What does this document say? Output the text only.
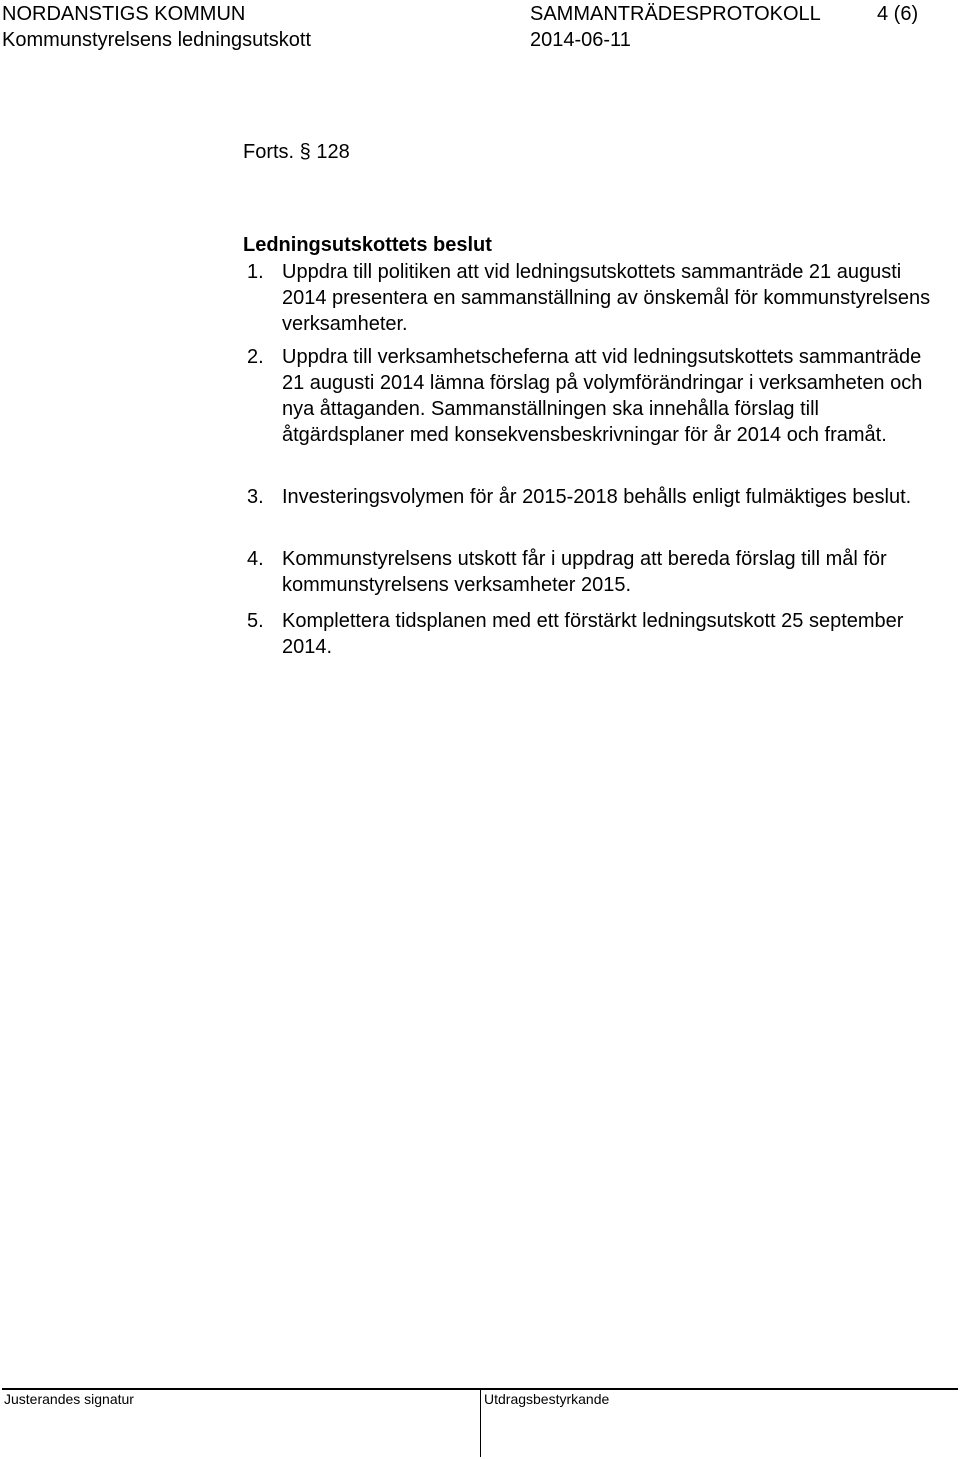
NORDANSTIGS KOMMUN	SAMMANTRÄDESPROTOKOLL	4 (6)
Kommunstyrelsens ledningsutskott	2014-06-11
Forts. § 128
Ledningsutskottets beslut
1. Uppdra till politiken att vid ledningsutskottets sammanträde 21 augusti 2014 presentera en sammanställning av önskemål för kommunstyrelsens verksamheter.
2. Uppdra till verksamhetscheferna att vid ledningsutskottets sammanträde 21 augusti 2014 lämna förslag på volymförändringar i verksamheten och nya åttaganden. Sammanställningen ska innehålla förslag till åtgärdsplaner med konsekvensbeskrivningar för år 2014 och framåt.
3. Investeringsvolymen för år 2015-2018 behålls enligt fulmäktiges beslut.
4. Kommunstyrelsens utskott får i uppdrag att bereda förslag till mål för kommunstyrelsens verksamheter 2015.
5. Komplettera tidsplanen med ett förstärkt ledningsutskott 25 september 2014.
Justerandes signatur	Utdragsbestyrkande
